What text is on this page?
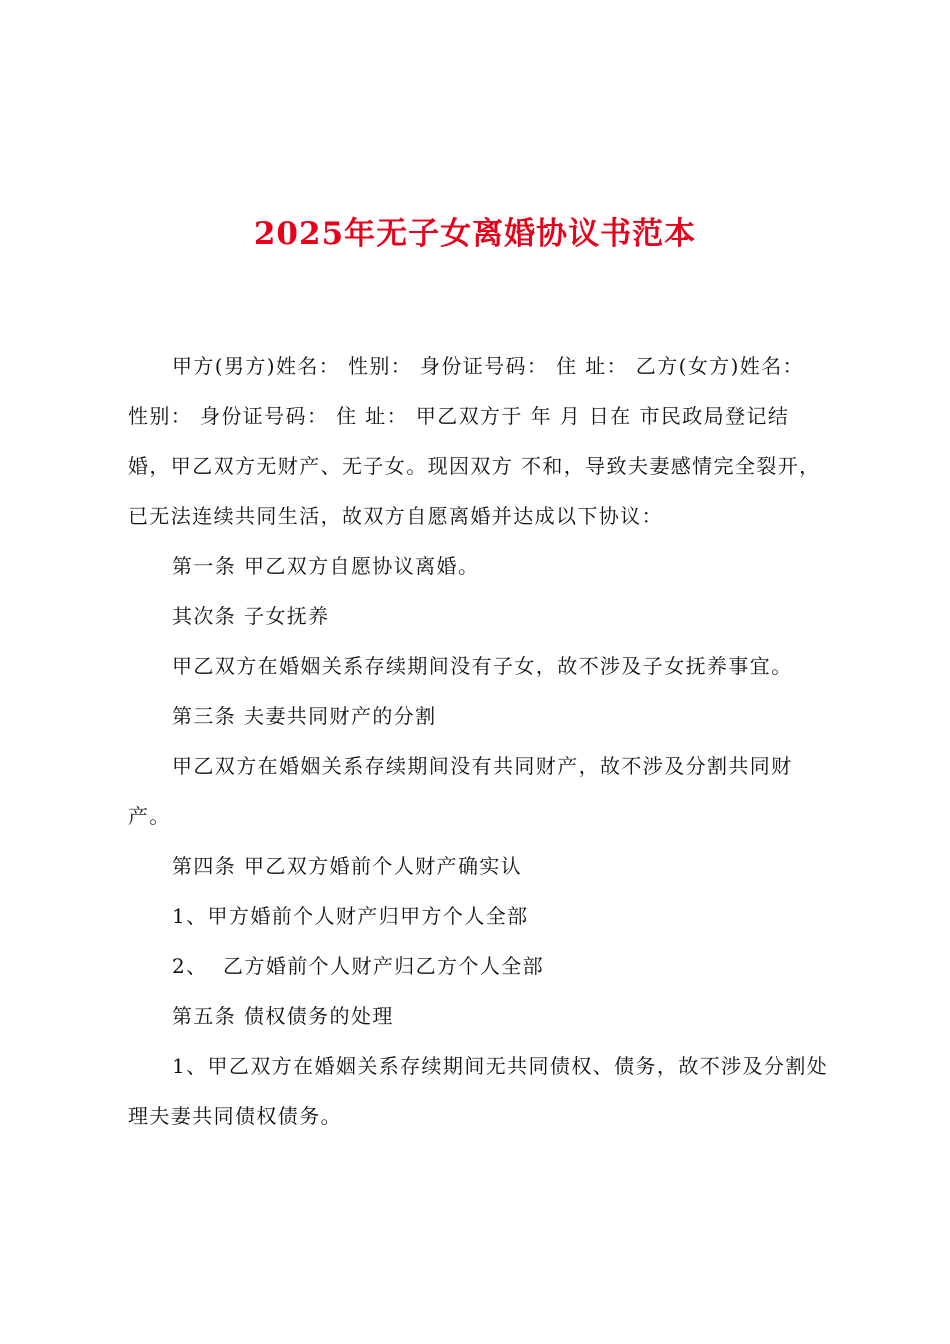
2025年无子女离婚协议书范本

甲方(男方)姓名： 性别： 身份证号码： 住 址： 乙方(女方)姓名： 性别： 身份证号码： 住 址： 甲乙双方于 年 月 日在 市民政局登记结婚，甲乙双方无财产、无子女。现因双方 不和，导致夫妻感情完全裂开，已无法连续共同生活，故双方自愿离婚并达成以下协议：

第一条 甲乙双方自愿协议离婚。

其次条 子女抚养

甲乙双方在婚姻关系存续期间没有子女，故不涉及子女抚养事宜。

第三条 夫妻共同财产的分割

甲乙双方在婚姻关系存续期间没有共同财产，故不涉及分割共同财产。

第四条 甲乙双方婚前个人财产确实认

1、甲方婚前个人财产归甲方个人全部

2、  乙方婚前个人财产归乙方个人全部

第五条 债权债务的处理

1、甲乙双方在婚姻关系存续期间无共同债权、债务，故不涉及分割处理夫妻共同债权债务。
